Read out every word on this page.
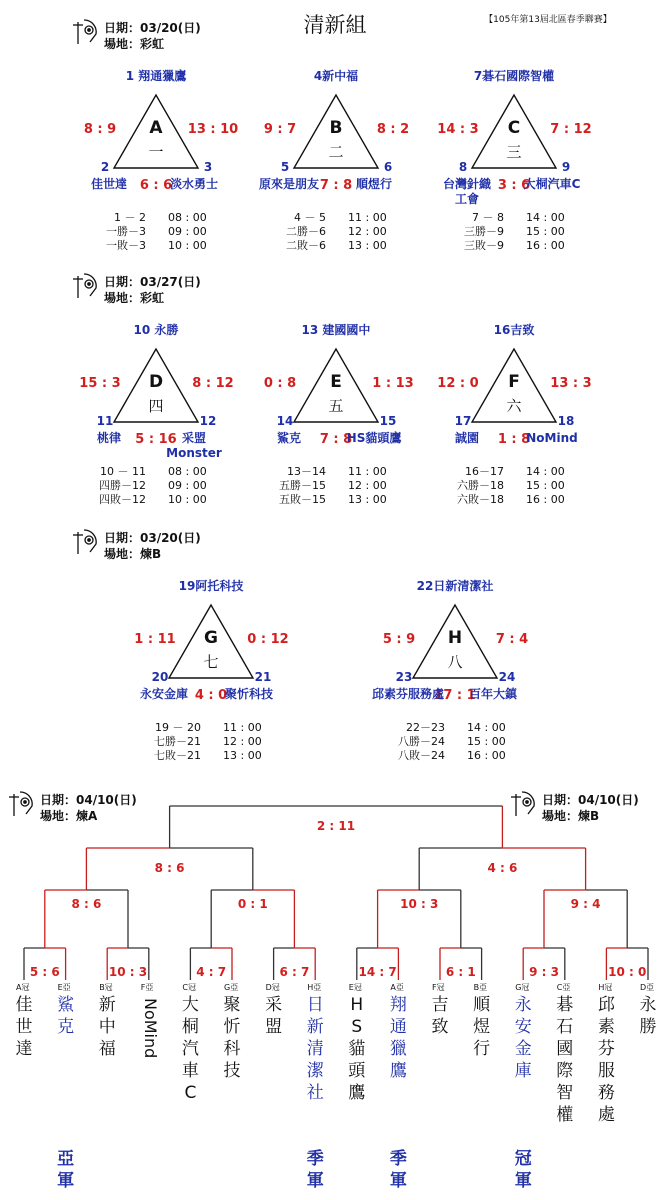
清新組	【105年第13屆北區春季聯賽】
日期：03/20(日)
場地：彩虹
1 翔通獵鷹
A
一
8 : 9	13 : 10
6 : 6
2	3
佳世達	淡水勇士
1 － 2 08 : 00
一勝－3 09 : 00
一敗－3 10 : 00
4新中福
B
二
9 : 7	8 : 2
7 : 8
5	6
原來是朋友	順煜行
4 － 5 11 : 00
二勝－6 12 : 00
二敗－6 13 : 00
7碁石國際智權
C
三
14 : 3	7 : 12
3 : 6
8	9
台灣針織
工會
大桐汽車C
7 － 8 14 : 00
三勝－9 15 : 00
三敗－9 16 : 00
日期：03/27(日)
場地：彩虹
10 永勝
D
四
15 : 3	8 : 12
5 : 16
11	12
桃律	采盟
Monster
10 － 11 08 : 00
四勝－12 09 : 00
四敗－12 10 : 00
13 建國國中
E
五
0 : 8	1 : 13
7 : 8
14	15
鯊克	HS貓頭鷹
13－14 11 : 00
五勝－15 12 : 00
五敗－15 13 : 00
16吉致
F
六
12 : 0	13 : 3
1 : 8
17	18
誠園	NoMind
16－17 14 : 00
六勝－18 15 : 00
六敗－18 16 : 00
日期：03/20(日)
場地：煉B
19阿托科技
G
七
1 : 11	0 : 12
4 : 0
20	21
永安金庫	聚忻科技
19 － 20 11 : 00
七勝－21 12 : 00
七敗－21 13 : 00
22日新清潔社
H
八
5 : 9	7 : 4
17 : 1
23	24
邱素芬服務處 百年大鎮
22－23 14 : 00
八勝－24 15 : 00
八敗－24 16 : 00
日期：04/10(日)
場地：煉A
日期：04/10(日)
場地：煉B
5 : 6	10 : 3	4 : 7	6 : 7	14 : 7	6 : 1	9 : 3	10 : 0
8 : 6	0 : 1	10 : 3	9 : 4
8 : 6	4 : 6
2 : 11
A冠
佳世達
E亞
鯊克
B冠
新中福
F亞
NoMind
C冠
大桐汽車 C
G亞
聚忻科技
D冠
采盟
H亞
日新清潔社
E冠
H S 貓頭鷹
A亞
翔通獵鷹
F冠
吉致
B亞
順煜行
G冠
永安金庫
C亞
碁石國際智權
H冠
邱素芬服務處
D亞
永勝
亞軍
季軍
季軍
冠軍
